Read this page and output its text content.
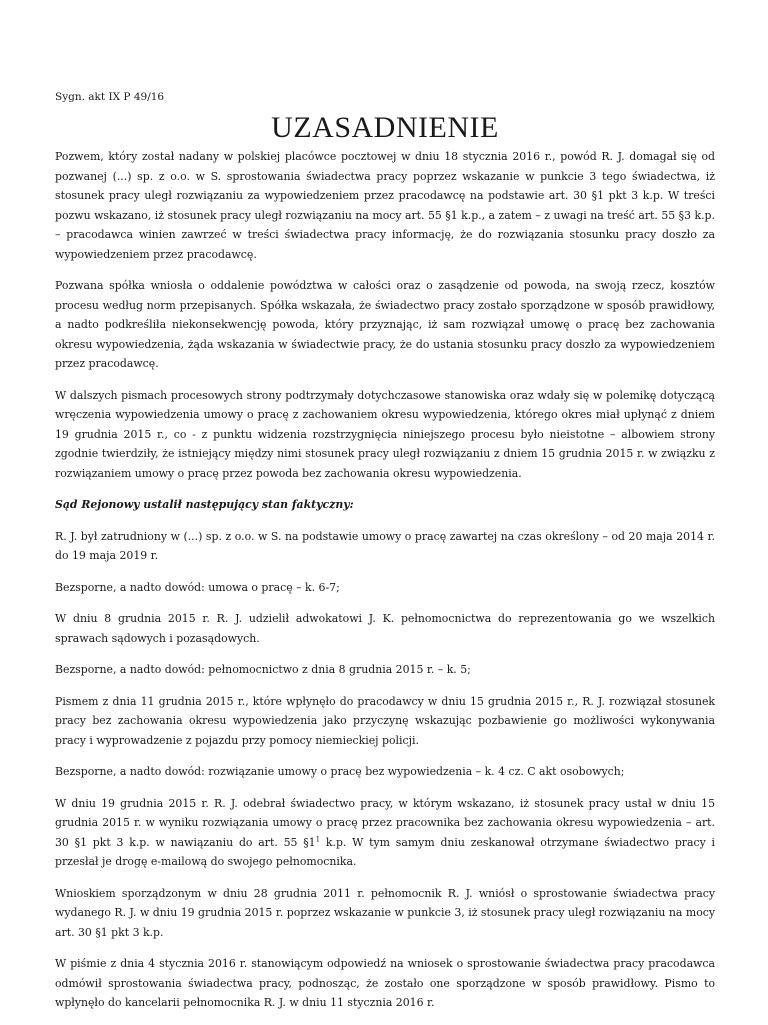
Sygn. akt IX P 49/16
UZASADNIENIE

Pozwem, który został nadany w polskiej placówce pocztowej w dniu 18 stycznia 2016 r., powód R. J. domagał się od pozwanej (...) sp. z o.o. w S. sprostowania świadectwa pracy poprzez wskazanie w punkcie 3 tego świadectwa, iż stosunek pracy uległ rozwiązaniu za wypowiedzeniem przez pracodawcę na podstawie art. 30 §1 pkt 3 k.p. W treści pozwu wskazano, iż stosunek pracy uległ rozwiązaniu na mocy art. 55 §1 k.p., a zatem – z uwagi na treść art. 55 §3 k.p. – pracodawca winien zawrzeć w treści świadectwa pracy informację, że do rozwiązania stosunku pracy doszło za wypowiedzeniem przez pracodawcę.

Pozwana spółka wniosła o oddalenie powództwa w całości oraz o zasądzenie od powoda, na swoją rzecz, kosztów procesu według norm przepisanych. Spółka wskazała, że świadectwo pracy zostało sporządzone w sposób prawidłowy, a nadto podkreśliła niekonsekwencję powoda, który przyznając, iż sam rozwiązał umowę o pracę bez zachowania okresu wypowiedzenia, żąda wskazania w świadectwie pracy, że do ustania stosunku pracy doszło za wypowiedzeniem przez pracodawcę.

W dalszych pismach procesowych strony podtrzymały dotychczasowe stanowiska oraz wdały się w polemikę dotyczącą wręczenia wypowiedzenia umowy o pracę z zachowaniem okresu wypowiedzenia, którego okres miał upłynąć z dniem 19 grudnia 2015 r., co - z punktu widzenia rozstrzygnięcia niniejszego procesu było nieistotne – albowiem strony zgodnie twierdziły, że istniejący między nimi stosunek pracy uległ rozwiązaniu z dniem 15 grudnia 2015 r. w związku z rozwiązaniem umowy o pracę przez powoda bez zachowania okresu wypowiedzenia.

Sąd Rejonowy ustalił następujący stan faktyczny:

R. J. był zatrudniony w (...) sp. z o.o. w S. na podstawie umowy o pracę zawartej na czas określony – od 20 maja 2014 r. do 19 maja 2019 r.

Bezsporne, a nadto dowód: umowa o pracę – k. 6-7;

W dniu 8 grudnia 2015 r. R. J. udzielił adwokatowi J. K. pełnomocnictwa do reprezentowania go we wszelkich sprawach sądowych i pozasądowych.

Bezsporne, a nadto dowód: pełnomocnictwo z dnia 8 grudnia 2015 r. – k. 5;

Pismem z dnia 11 grudnia 2015 r., które wpłynęło do pracodawcy w dniu 15 grudnia 2015 r., R. J. rozwiązał stosunek pracy bez zachowania okresu wypowiedzenia jako przyczynę wskazując pozbawienie go możliwości wykonywania pracy i wyprowadzenie z pojazdu przy pomocy niemieckiej policji.

Bezsporne, a nadto dowód: rozwiązanie umowy o pracę bez wypowiedzenia – k. 4 cz. C akt osobowych;

W dniu 19 grudnia 2015 r. R. J. odebrał świadectwo pracy, w którym wskazano, iż stosunek pracy ustał w dniu 15 grudnia 2015 r. w wyniku rozwiązania umowy o pracę przez pracownika bez zachowania okresu wypowiedzenia – art. 30 §1 pkt 3 k.p. w nawiązaniu do art. 55 $\S 1^1$ k.p. W tym samym dniu zeskanował otrzymane świadectwo pracy i przesłał je drogę e-mailową do swojego pełnomocnika.

Wnioskiem sporządzonym w dniu 28 grudnia 2011 r. pełnomocnik R. J. wniósł o sprostowanie świadectwa pracy wydanego R. J. w dniu 19 grudnia 2015 r. poprzez wskazanie w punkcie 3, iż stosunek pracy uległ rozwiązaniu na mocy art. 30 §1 pkt 3 k.p.

W piśmie z dnia 4 stycznia 2016 r. stanowiącym odpowiedź na wniosek o sprostowanie świadectwa pracy pracodawca odmówił sprostowania świadectwa pracy, podnosząc, że zostało one sporządzone w sposób prawidłowy. Pismo to wpłynęło do kancelarii pełnomocnika R. J. w dniu 11 stycznia 2016 r.
